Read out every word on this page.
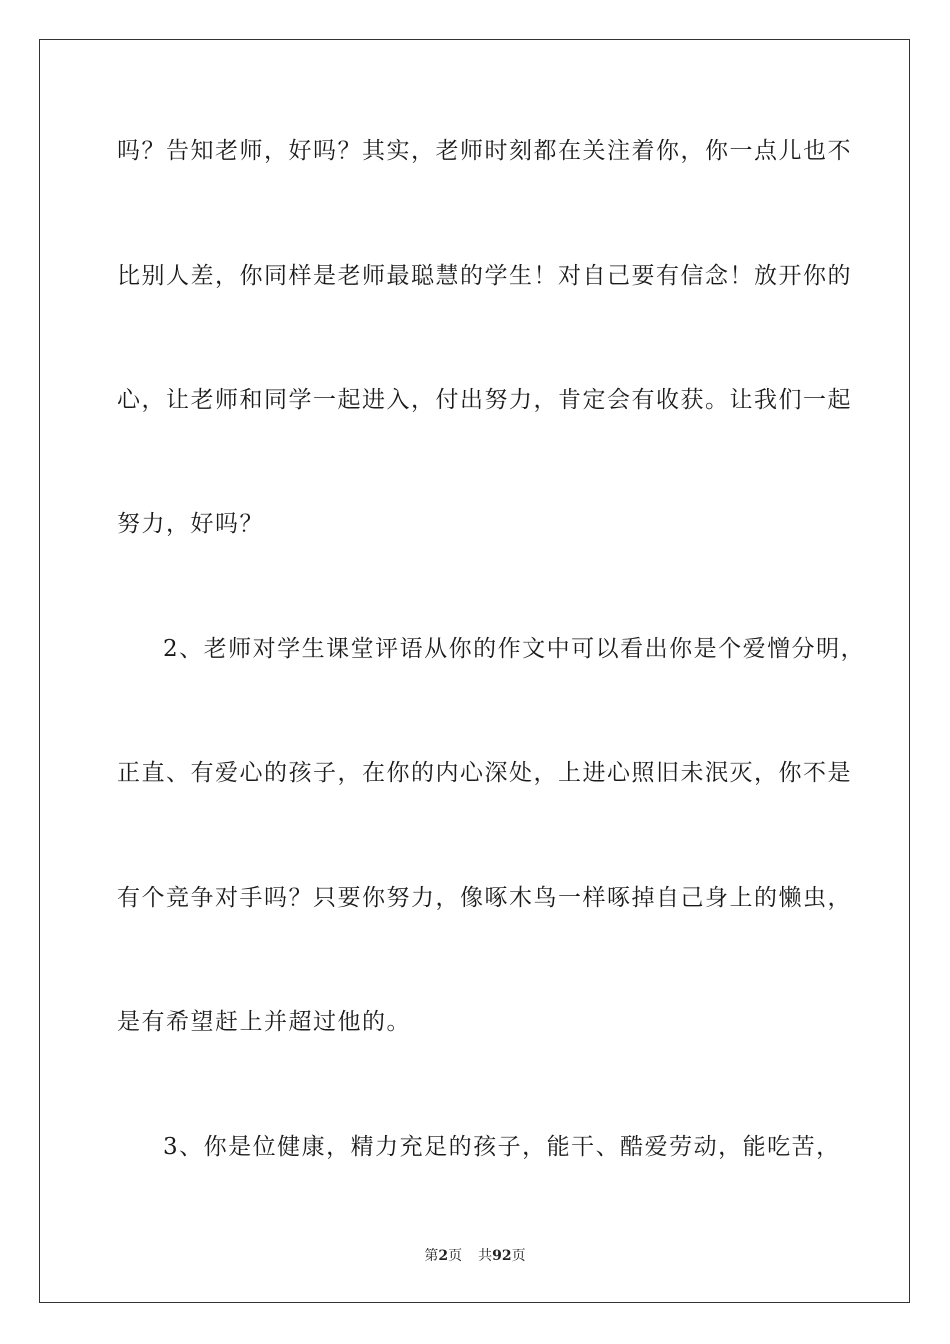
吗？告知老师，好吗？其实，老师时刻都在关注着你，你一点儿也不
比别人差，你同样是老师最聪慧的学生！对自己要有信念！放开你的
心，让老师和同学一起进入，付出努力，肯定会有收获。让我们一起
努力，好吗？
2、老师对学生课堂评语从你的作文中可以看出你是个爱憎分明，
正直、有爱心的孩子，在你的内心深处，上进心照旧未泯灭，你不是
有个竞争对手吗？只要你努力，像啄木鸟一样啄掉自己身上的懒虫，
是有希望赶上并超过他的。
3、你是位健康，精力充足的孩子，能干、酷爱劳动，能吃苦，
第2页 共92页
